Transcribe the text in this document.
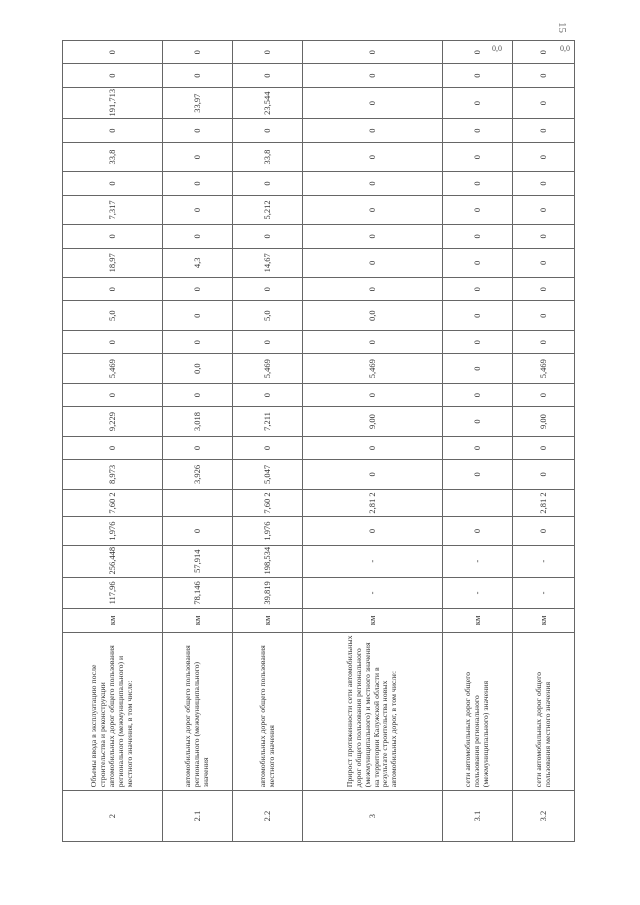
15
0,0
0,0
2	Объемы ввода в эксплуатацию после строительства и реконструкции автомобильных дорог общего пользования регионального (межмуниципального) и местного значения, в том числе:	км	117,96	256,448	1,976	7,60 2	8,973	0	9,229	0	5,469	0	5,0	0	18,97	0	7,317	0	33,8	0	191,713	0	0
2.1	автомобильных дорог общего пользования регионального (межмуниципального) значения	км	78,146	57,914	0		3,926	0	3,018	0	0,0	0	0	0	4,3	0	0	0	0	0	33,97	0	0
2.2	автомобильных дорог общего пользования местного значения	км	39,819	198,534	1,976	7,60 2	5,047	0	7,211	0	5,469	0	5,0	0	14,67	0	5,212	0	33,8	0	23,544	0	0
3	Прирост протяженности сети автомобильных дорог общего пользования регионального (межмуниципального) и местного значения на территории Калужской области в результате строительства новых автомобильных дорог, в том числе:	км	-	-	0	2,81 2	0	0	9,00	0	5,469	0	0,0	0	0	0	0	0	0	0	0	0	0
3.1	сети автомобильных дорог общего пользования регионального (межмуниципального) значения	км	-	-	0		0	0	0	0	0	0	0	0	0	0	0	0	0	0	0	0	0
3.2	сети автомобильных дорог общего пользования местного значения	км	-	-	0	2,81 2	0	0	9,00	0	5,469	0	0	0	0	0	0	0	0	0	0	0	0
